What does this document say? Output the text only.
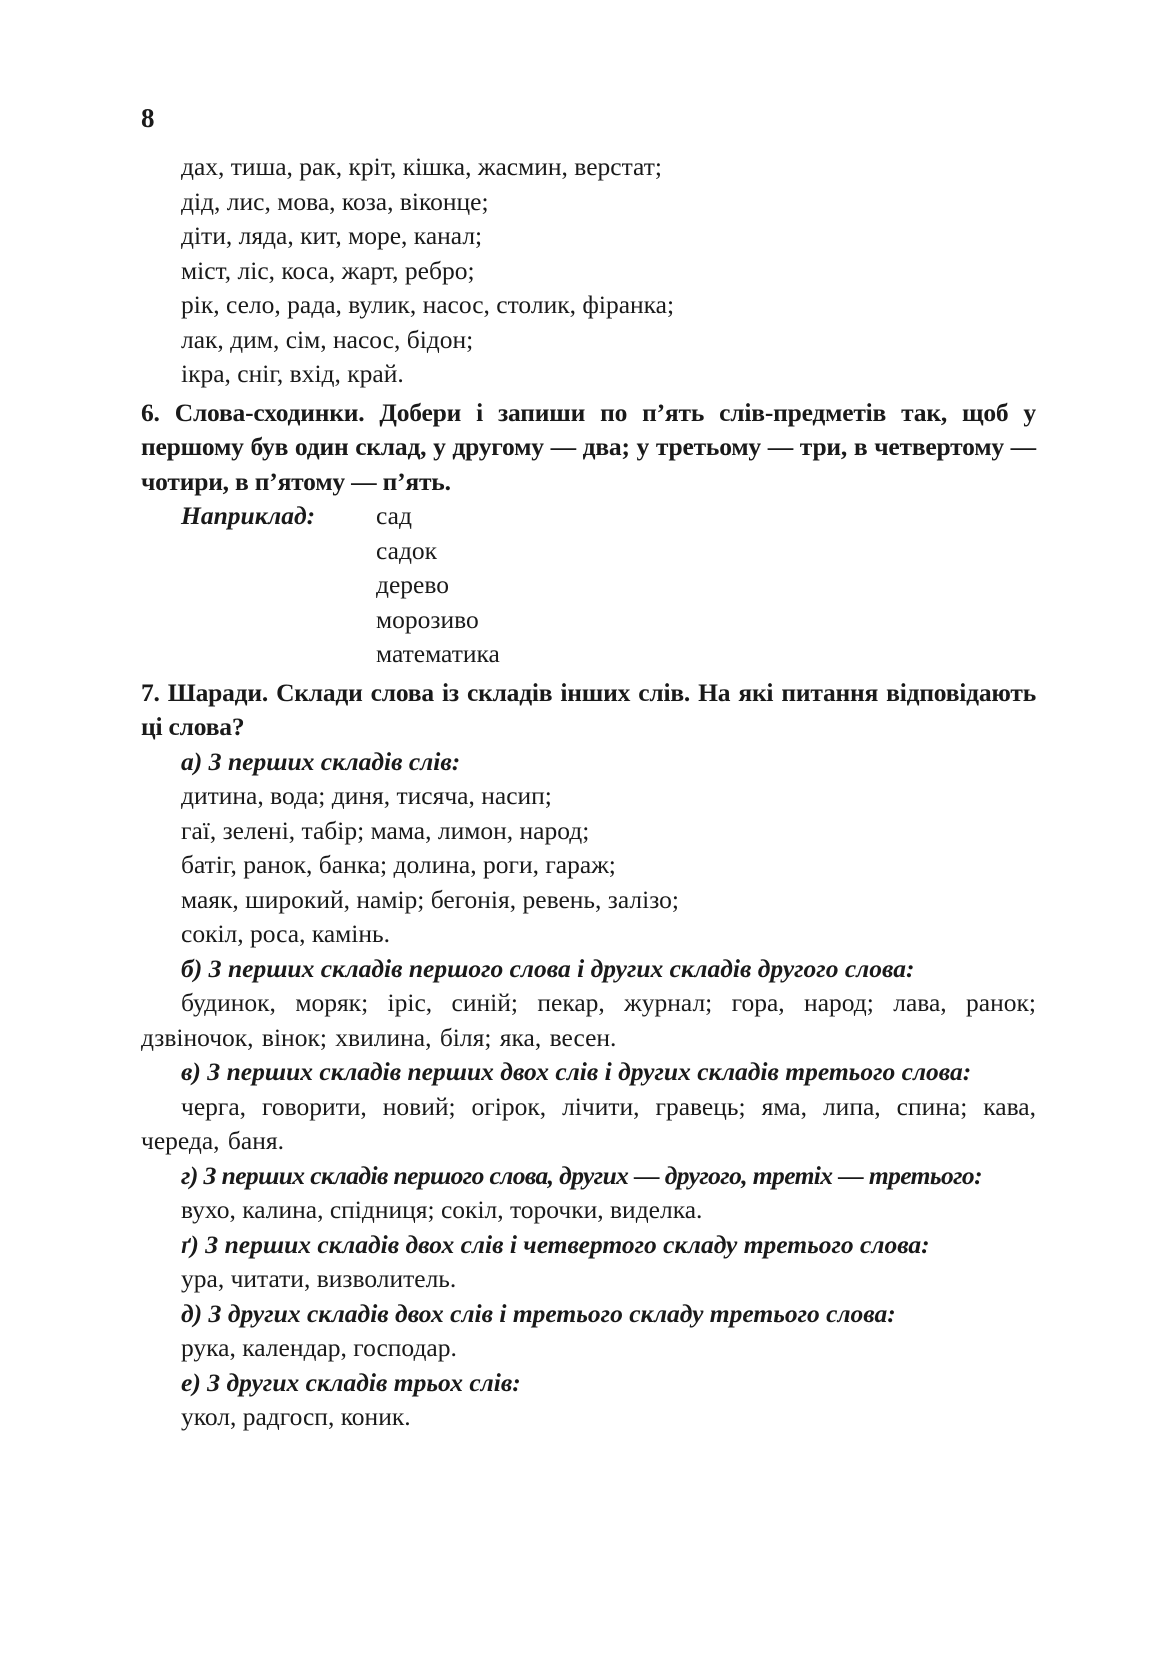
8
дах, тиша, рак, кріт, кішка, жасмин, верстат;
дід, лис, мова, коза, віконце;
діти, ляда, кит, море, канал;
міст, ліс, коса, жарт, ребро;
рік, село, рада, вулик, насос, столик, фіранка;
лак, дим, сім, насос, бідон;
ікра, сніг, вхід, край.
6. Слова-сходинки. Добери і запиши по п’ять слів-предметів так, щоб у першому був один склад, у другому — два; у третьому — три, в четвертому — чотири, в п’ятому — п’ять.
Наприклад:	сад
садок
дерево
морозиво
математика
7. Шаради. Склади слова із складів інших слів. На які питання відповідають ці слова?
а) З перших складів слів:
дитина, вода; диня, тисяча, насип;
гаї, зелені, табір; мама, лимон, народ;
батіг, ранок, банка; долина, роги, гараж;
маяк, широкий, намір; бегонія, ревень, залізо;
сокіл, роса, камінь.
б) З перших складів першого слова і других складів другого слова:
будинок, моряк; іріс, синій; пекар, журнал; гора, народ; лава, ранок; дзвіночок, вінок; хвилина, біля; яка, весен.
в) З перших складів перших двох слів і других складів третього слова:
черга, говорити, новий; огірок, лічити, гравець; яма, липа, спина; кава, череда, баня.
г) З перших складів першого слова, других — другого, третіх — третього:
вухо, калина, спідниця; сокіл, торочки, виделка.
ґ) З перших складів двох слів і четвертого складу третього слова:
ура, читати, визволитель.
д) З других складів двох слів і третього складу третього слова:
рука, календар, господар.
е) З других складів трьох слів:
укол, радгосп, коник.
